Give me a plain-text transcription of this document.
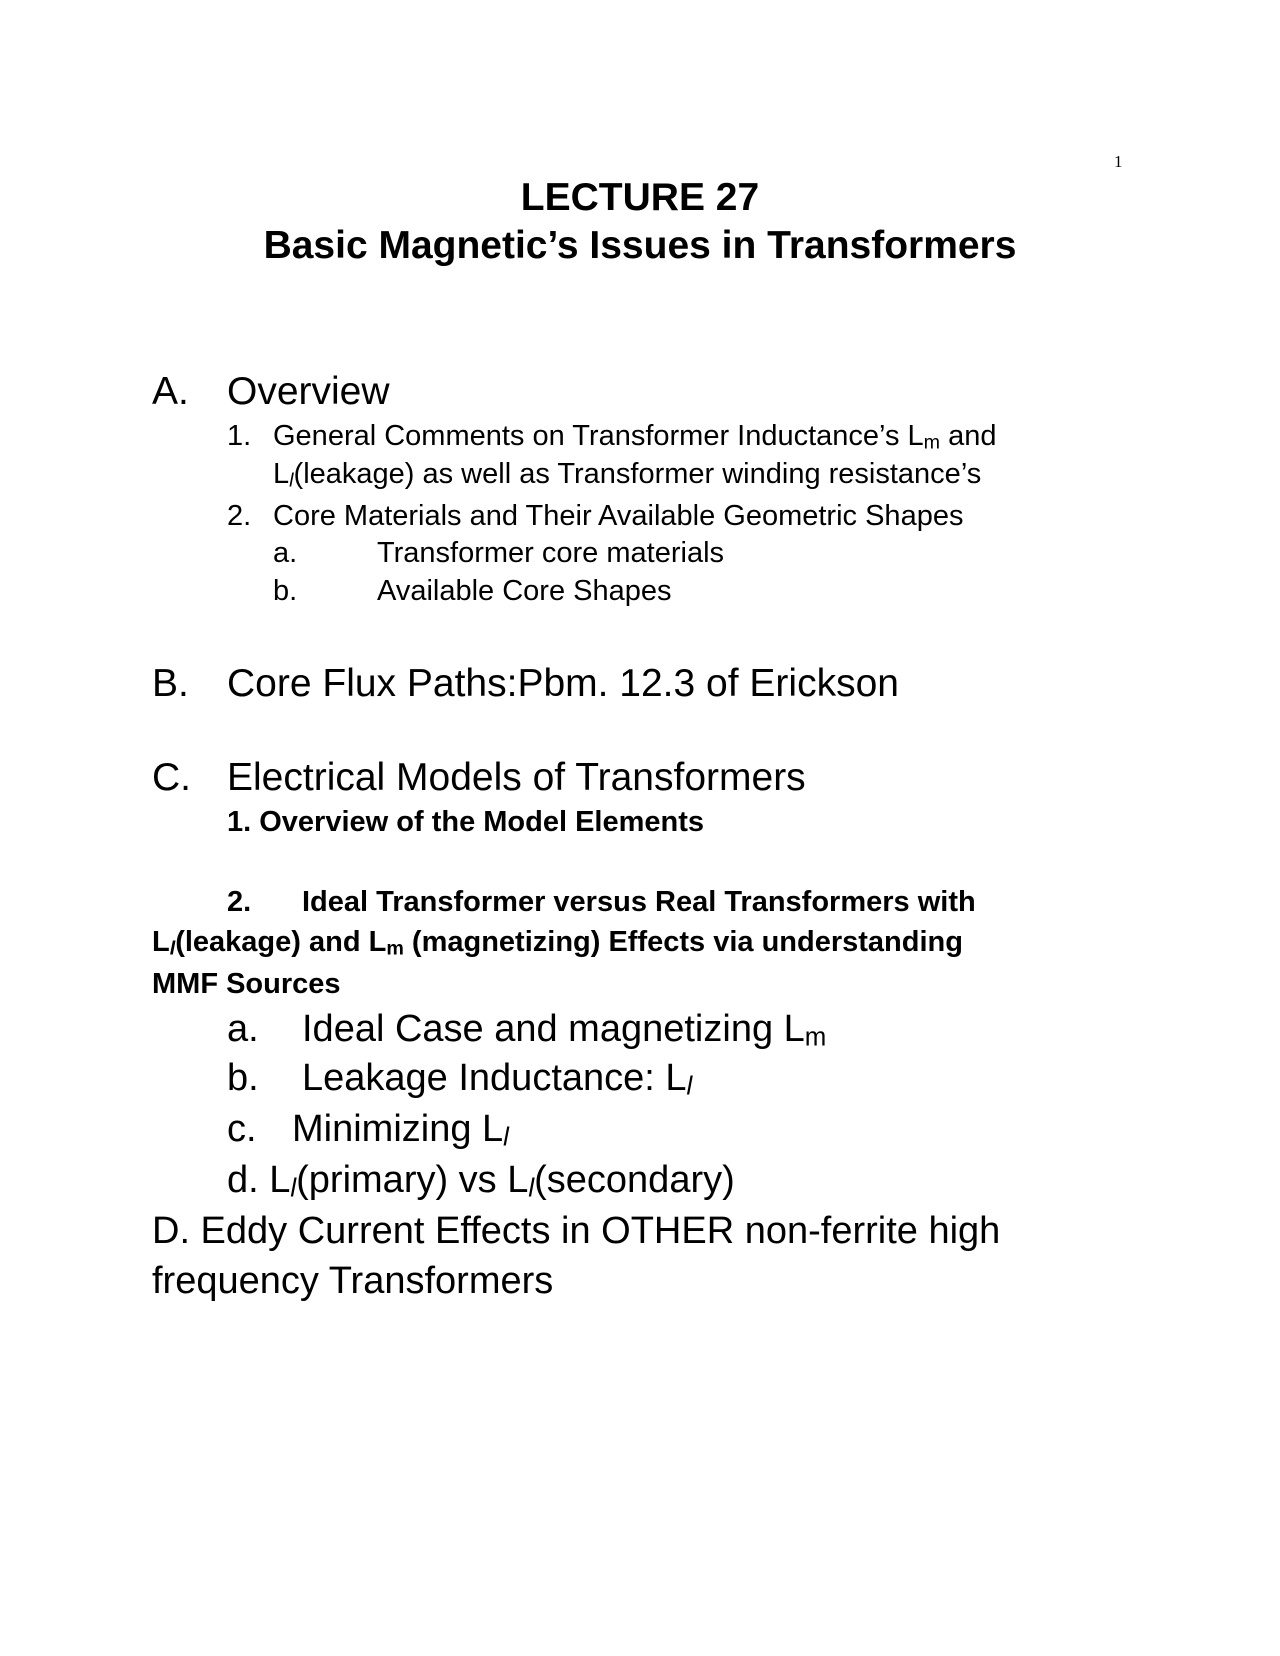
1
LECTURE 27
Basic Magnetic’s Issues in Transformers
A. Overview
1. General Comments on Transformer Inductance’s $L_m$ and
$L_l(leakage)$ as well as Transformer winding resistance’s
2. Core Materials and Their Available Geometric Shapes
a.	Transformer core materials
b.	Available Core Shapes
B. Core Flux Paths:Pbm. 12.3 of Erickson
C. Electrical Models of Transformers
1. Overview of the Model Elements
2. Ideal Transformer versus Real Transformers with
$L_l(leakage)$ and $L_m$ (magnetizing) Effects via understanding
MMF Sources
a. Ideal Case and magnetizing $L_m$
b. Leakage Inductance: $L_l$
c. Minimizing $L_l$
d. $L_l(primary)$ vs $L_l(secondary)$
D. Eddy Current Effects in OTHER non-ferrite high
frequency Transformers
